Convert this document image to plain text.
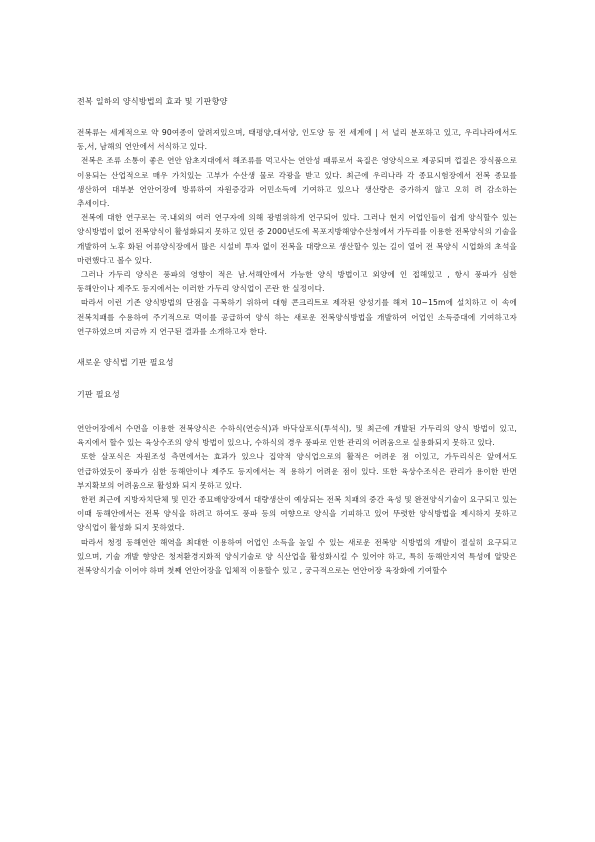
전복 일하의 양식방법의 효과 및 기판향양

전복류는 세계적으로 약 90여종이 알려져있으며, 태평양,대서양, 인도양 등 전 세계에 | 서 널리 분포하고 있고, 우리나라에서도 동,서, 남해의 연안에서 서식하고 있다.

전복은 조류 소통이 좋은 연안 암초지대에서 해조류를 먹고사는 연안성 패류로서 육질은 영양식으로 제공되며 껍질은 장식품으로 이용되는 산업적으로 매우 가치있는 고부가 수산생 물로 각광을 받고 있다. 최근에 우리나라 각 종묘시험장에서 전복 종묘를 생산하여 대부분 연안어장에 방류하여 자원증강과 어민소득에 기여하고 있으나 생산량은 증가하지 않고 오히 려 감소하는 추세이다.

전복에 대한 연구로는 국.내외의 여러 연구자에 의해 광범위하게 연구되어 있다. 그러나 현지 어업인들이 쉽게 양식할수 있는 양식방법이 없어 전복양식이 활성화되지 못하고 있던 중 2000년도에 목포지방해양수산청에서 가두리를 이용한 전복양식의 기술을 개발하여 노후 화된 어류양식장에서 많은 시설비 투자 없이 전복을 대량으로 생산할수 있는 길이 열어 전 복양식 시업화의 초석을 마련했다고 볼수 있다.

그러나 가두리 양식은 풍파의 영향이 적은 남.서해안에서 가능한 양식 방법이고 외양에 인 접해있고 , 항시 풍파가 심한 동해안이나 제주도 등지에서는 이러한 가두리 양식업이 곤란 한 실정이다.

따라서 이런 기존 양식방법의 단점을 극복하기 위하여 대형 콘크리트로 제작된 양성기를 해저 10~15m에 설치하고 이 속에 전복치패를 수용하여 주기적으로 먹이를 공급하여 양식 하는 새로운 전복양식방법을 개발하여 어업인 소득증대에 기여하고자 연구하였으며 지금까 지 연구된 결과를 소개하고자 한다.

새로운 양식법 기판 필요성

기판 필요성

연안어장에서 수면을 이용한 전복양식은 수하식(연승식)과 바닥살포식(투석식), 및 최근에 개발된 가두리의 양식 방법이 있고, 육지에서 할수 있는 육상수조의 양식 방법이 있으나, 수하식의 경우 풍파로 인한 관리의 어려움으로 실용화되지 못하고 있다.

또한 살포식은 자원조성 측면에서는 효과가 있으나 집약적 양식업으로의 활적은 어려운 점 이있고, 가두리식은 앞에서도 언급하였듯이 풍파가 심한 동해안이나 제주도 등지에서는 적 용하기 어려운 점이 있다. 또한 육상수조식은 관리가 용이한 반면 부지확보의 어려움으로 활성화 되지 못하고 있다.

한편 최근에 지방자치단체 및 민간 종묘배양장에서 대량생산이 예상되는 전복 치패의 중간 육성 및 완전양식기술이 요구되고 있는 이때 동해안에서는 전복 양식을 하려고 하여도 풍파 등의 여향으로 양식을 기피하고 있어 뚜렷한 양식방법을 제시하지 못하고 양식업이 활성화 되지 못하였다.

따라서 청정 동해연안 해역을 최대한 이용하여 어업인 소득을 높일 수 있는 새로운 전복양 식방법의 개발이 절실히 요구되고 있으며, 기술 개발 향양은 청저환경지화적 양식기술로 양 식산업을 활성화시킬 수 있어야 하고, 특히 동해안지역 특성에 알맞은 전복양식기술 이어야 하며 첫째 연안어장을 입체적 이용할수 있고 , 궁극적으로는 연안어장 육장화에 기여할수
